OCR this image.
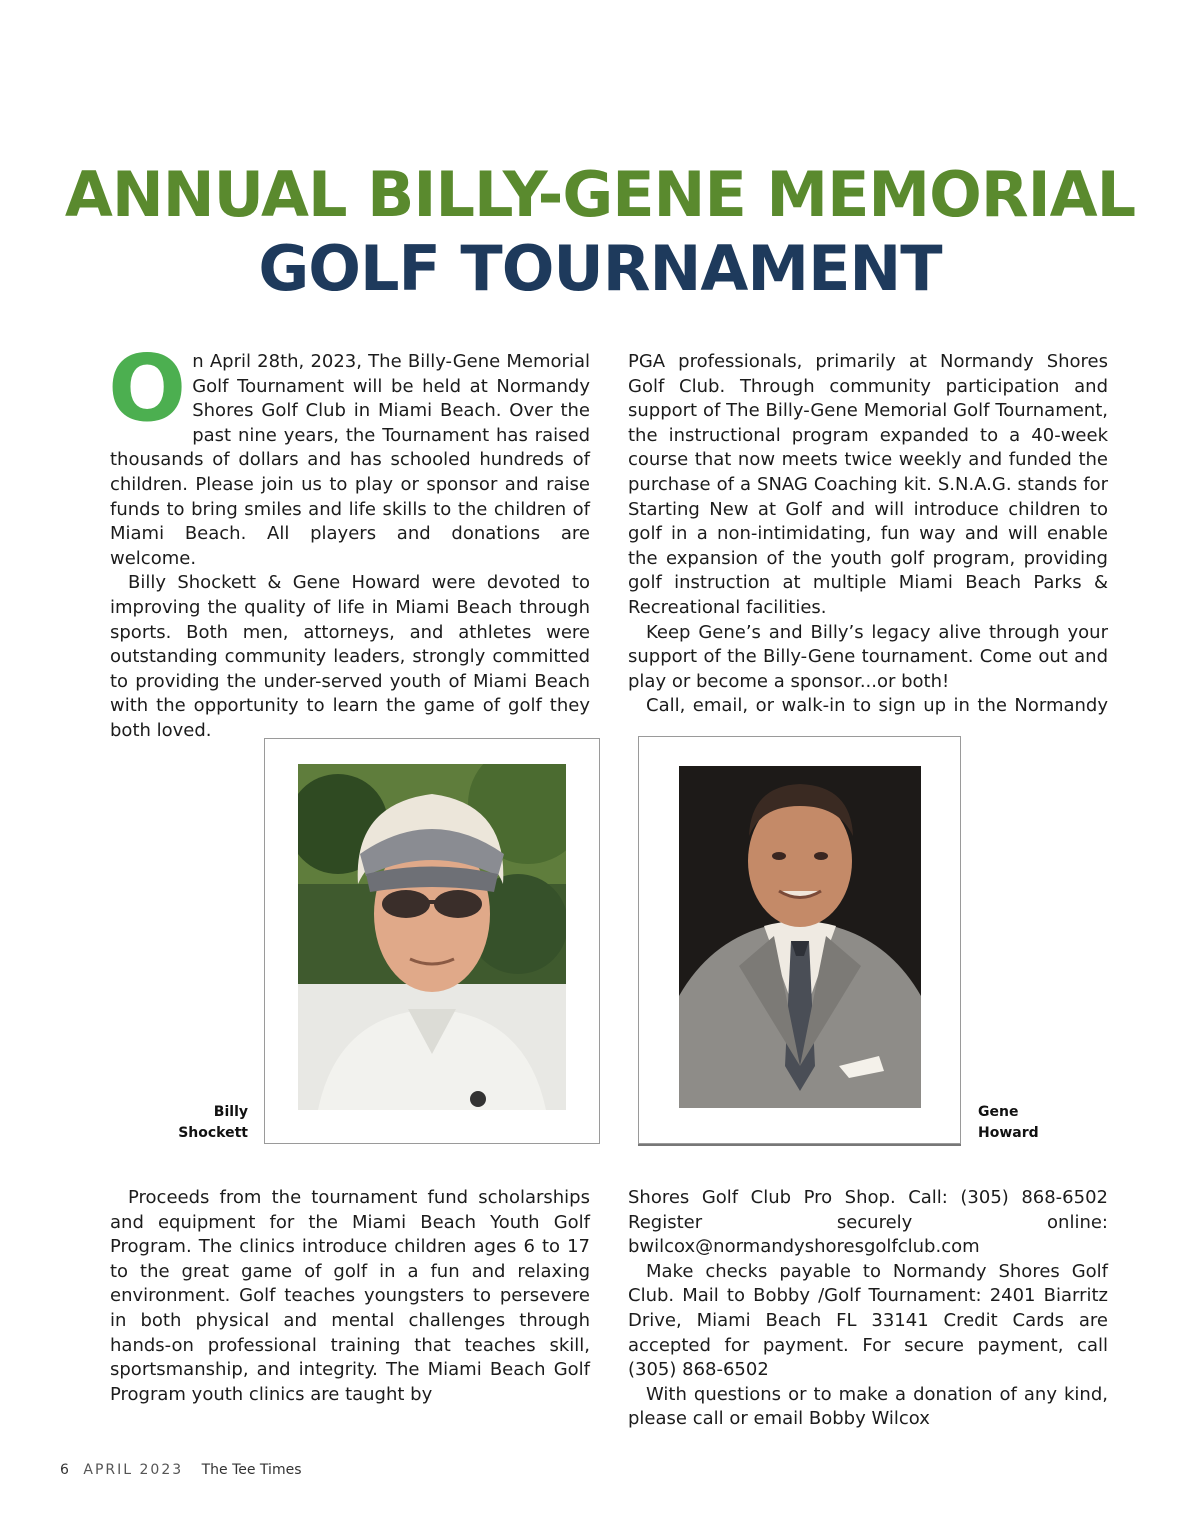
ANNUAL BILLY-GENE MEMORIAL
GOLF TOURNAMENT

On April 28th, 2023, The Billy-Gene Memorial Golf Tournament will be held at Normandy Shores Golf Club in Miami Beach. Over the past nine years, the Tournament has raised thousands of dollars and has schooled hundreds of children. Please join us to play or sponsor and raise funds to bring smiles and life skills to the children of Miami Beach. All players and donations are welcome.

Billy Shockett & Gene Howard were devoted to improving the quality of life in Miami Beach through sports. Both men, attorneys, and athletes were outstanding community leaders, strongly committed to providing the under-served youth of Miami Beach with the opportunity to learn the game of golf they both loved.

PGA professionals, primarily at Normandy Shores Golf Club. Through community participation and support of The Billy-Gene Memorial Golf Tournament, the instructional program expanded to a 40-week course that now meets twice weekly and funded the purchase of a SNAG Coaching kit. S.N.A.G. stands for Starting New at Golf and will introduce children to golf in a non-intimidating, fun way and will enable the expansion of the youth golf program, providing golf instruction at multiple Miami Beach Parks & Recreational facilities.

Keep Gene’s and Billy’s legacy alive through your support of the Billy-Gene tournament. Come out and play or become a sponsor...or both!

Call, email, or walk-in to sign up in the Normandy

Billy
Shockett
Gene
Howard

Proceeds from the tournament fund scholarships and equipment for the Miami Beach Youth Golf Program. The clinics introduce children ages 6 to 17 to the great game of golf in a fun and relaxing environment. Golf teaches youngsters to persevere in both physical and mental challenges through hands-on professional training that teaches skill, sportsmanship, and integrity. The Miami Beach Golf Program youth clinics are taught by

Shores Golf Club Pro Shop. Call: (305) 868-6502 Register securely online: bwilcox@normandyshoresgolfclub.com

Make checks payable to Normandy Shores Golf Club. Mail to Bobby /Golf Tournament: 2401 Biarritz Drive, Miami Beach FL 33141 Credit Cards are accepted for payment. For secure payment, call (305) 868-6502

With questions or to make a donation of any kind, please call or email Bobby Wilcox

6 APRIL 2023 The Tee Times
